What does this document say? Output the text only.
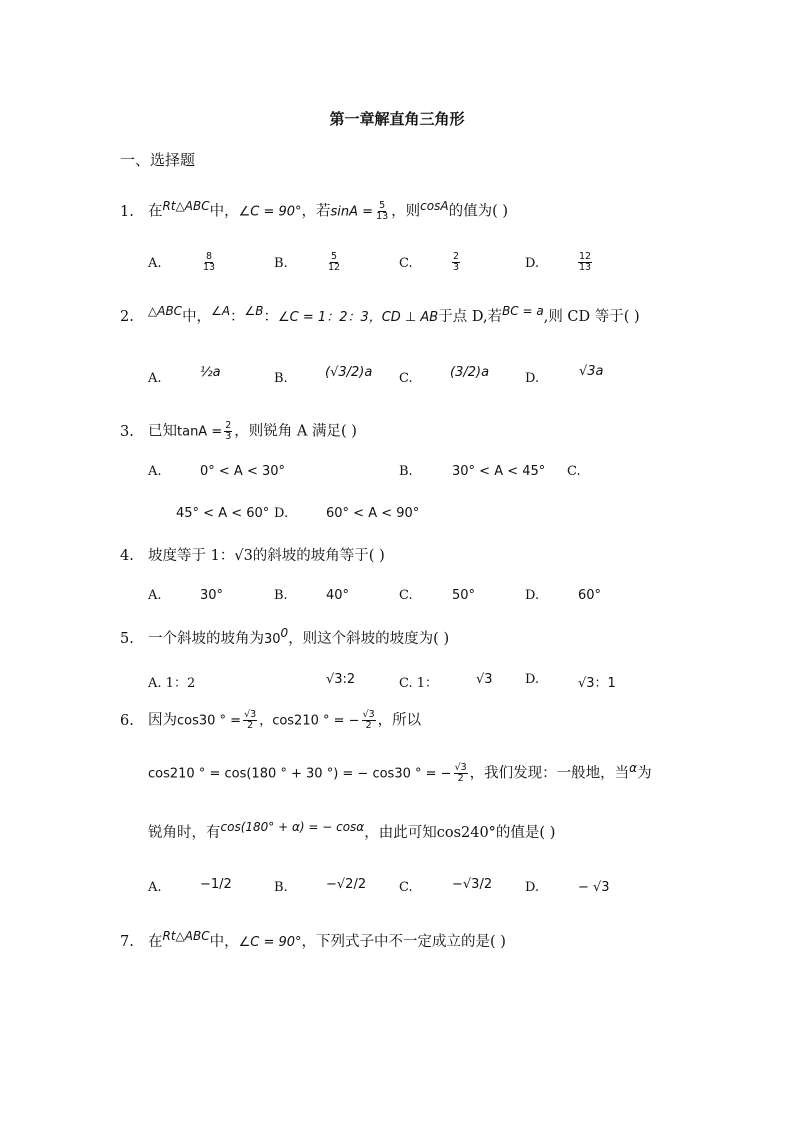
第一章解直角三角形
一、选择题
1. 在$^{Rt\triangle ABC}$中，∠C = 90°，若$\sin A = \frac{5}{13}$ ，则$^{cosA}$的值为( )
A.	$\frac{8}{13}$	B.	$\frac{5}{12}$	C.	$\frac{2}{3}$	D.	$\frac{12}{13}$
2. $^{\triangle ABC}$中，$^{\angle A}$：$^{\angle B}$：∠C = 1：2：3，CD ⊥ AB于点 D,若$^{BC = a}$,则 CD 等于( )
A.	½a	B.	(√3/2)a C.	(3/2)a	D.	√3a
3. 已知$\tan A = \frac{2}{3}$ ，则锐角 A 满足( )
A.	0° < A < 30°	B.	30° < A < 45° C.
45° < A < 60° D.	60° < A < 90°
4. 坡度等于 1：√3的斜坡的坡角等于( )
A.	30°	B.	40°	C.	50°	D.	60°
5. 一个斜坡的坡角为$30^0$，则这个斜坡的坡度为( )
A. 1：2	√3:2	C. 1：	√3 D.	√3：1
6. 因为cos30 ° = $\frac{√3}{2}$ ，cos210 ° = − $\frac{√3}{2}$ ，所以
cos210 ° = cos(180 ° + 30 °) = − cos30 ° = − $\frac{√3}{2}$ ，我们发现：一般地，当$^\alpha$为
锐角时，有$^{cos(180^\circ + \alpha) = - cos\alpha}$，由此可知cos240°的值是( )
A.	−1/2	B.	−√2/2	C.	−√3/2	D.	− √3
7. 在$^{Rt\triangle ABC}$中，∠C = 90°，下列式子中不一定成立的是( )
